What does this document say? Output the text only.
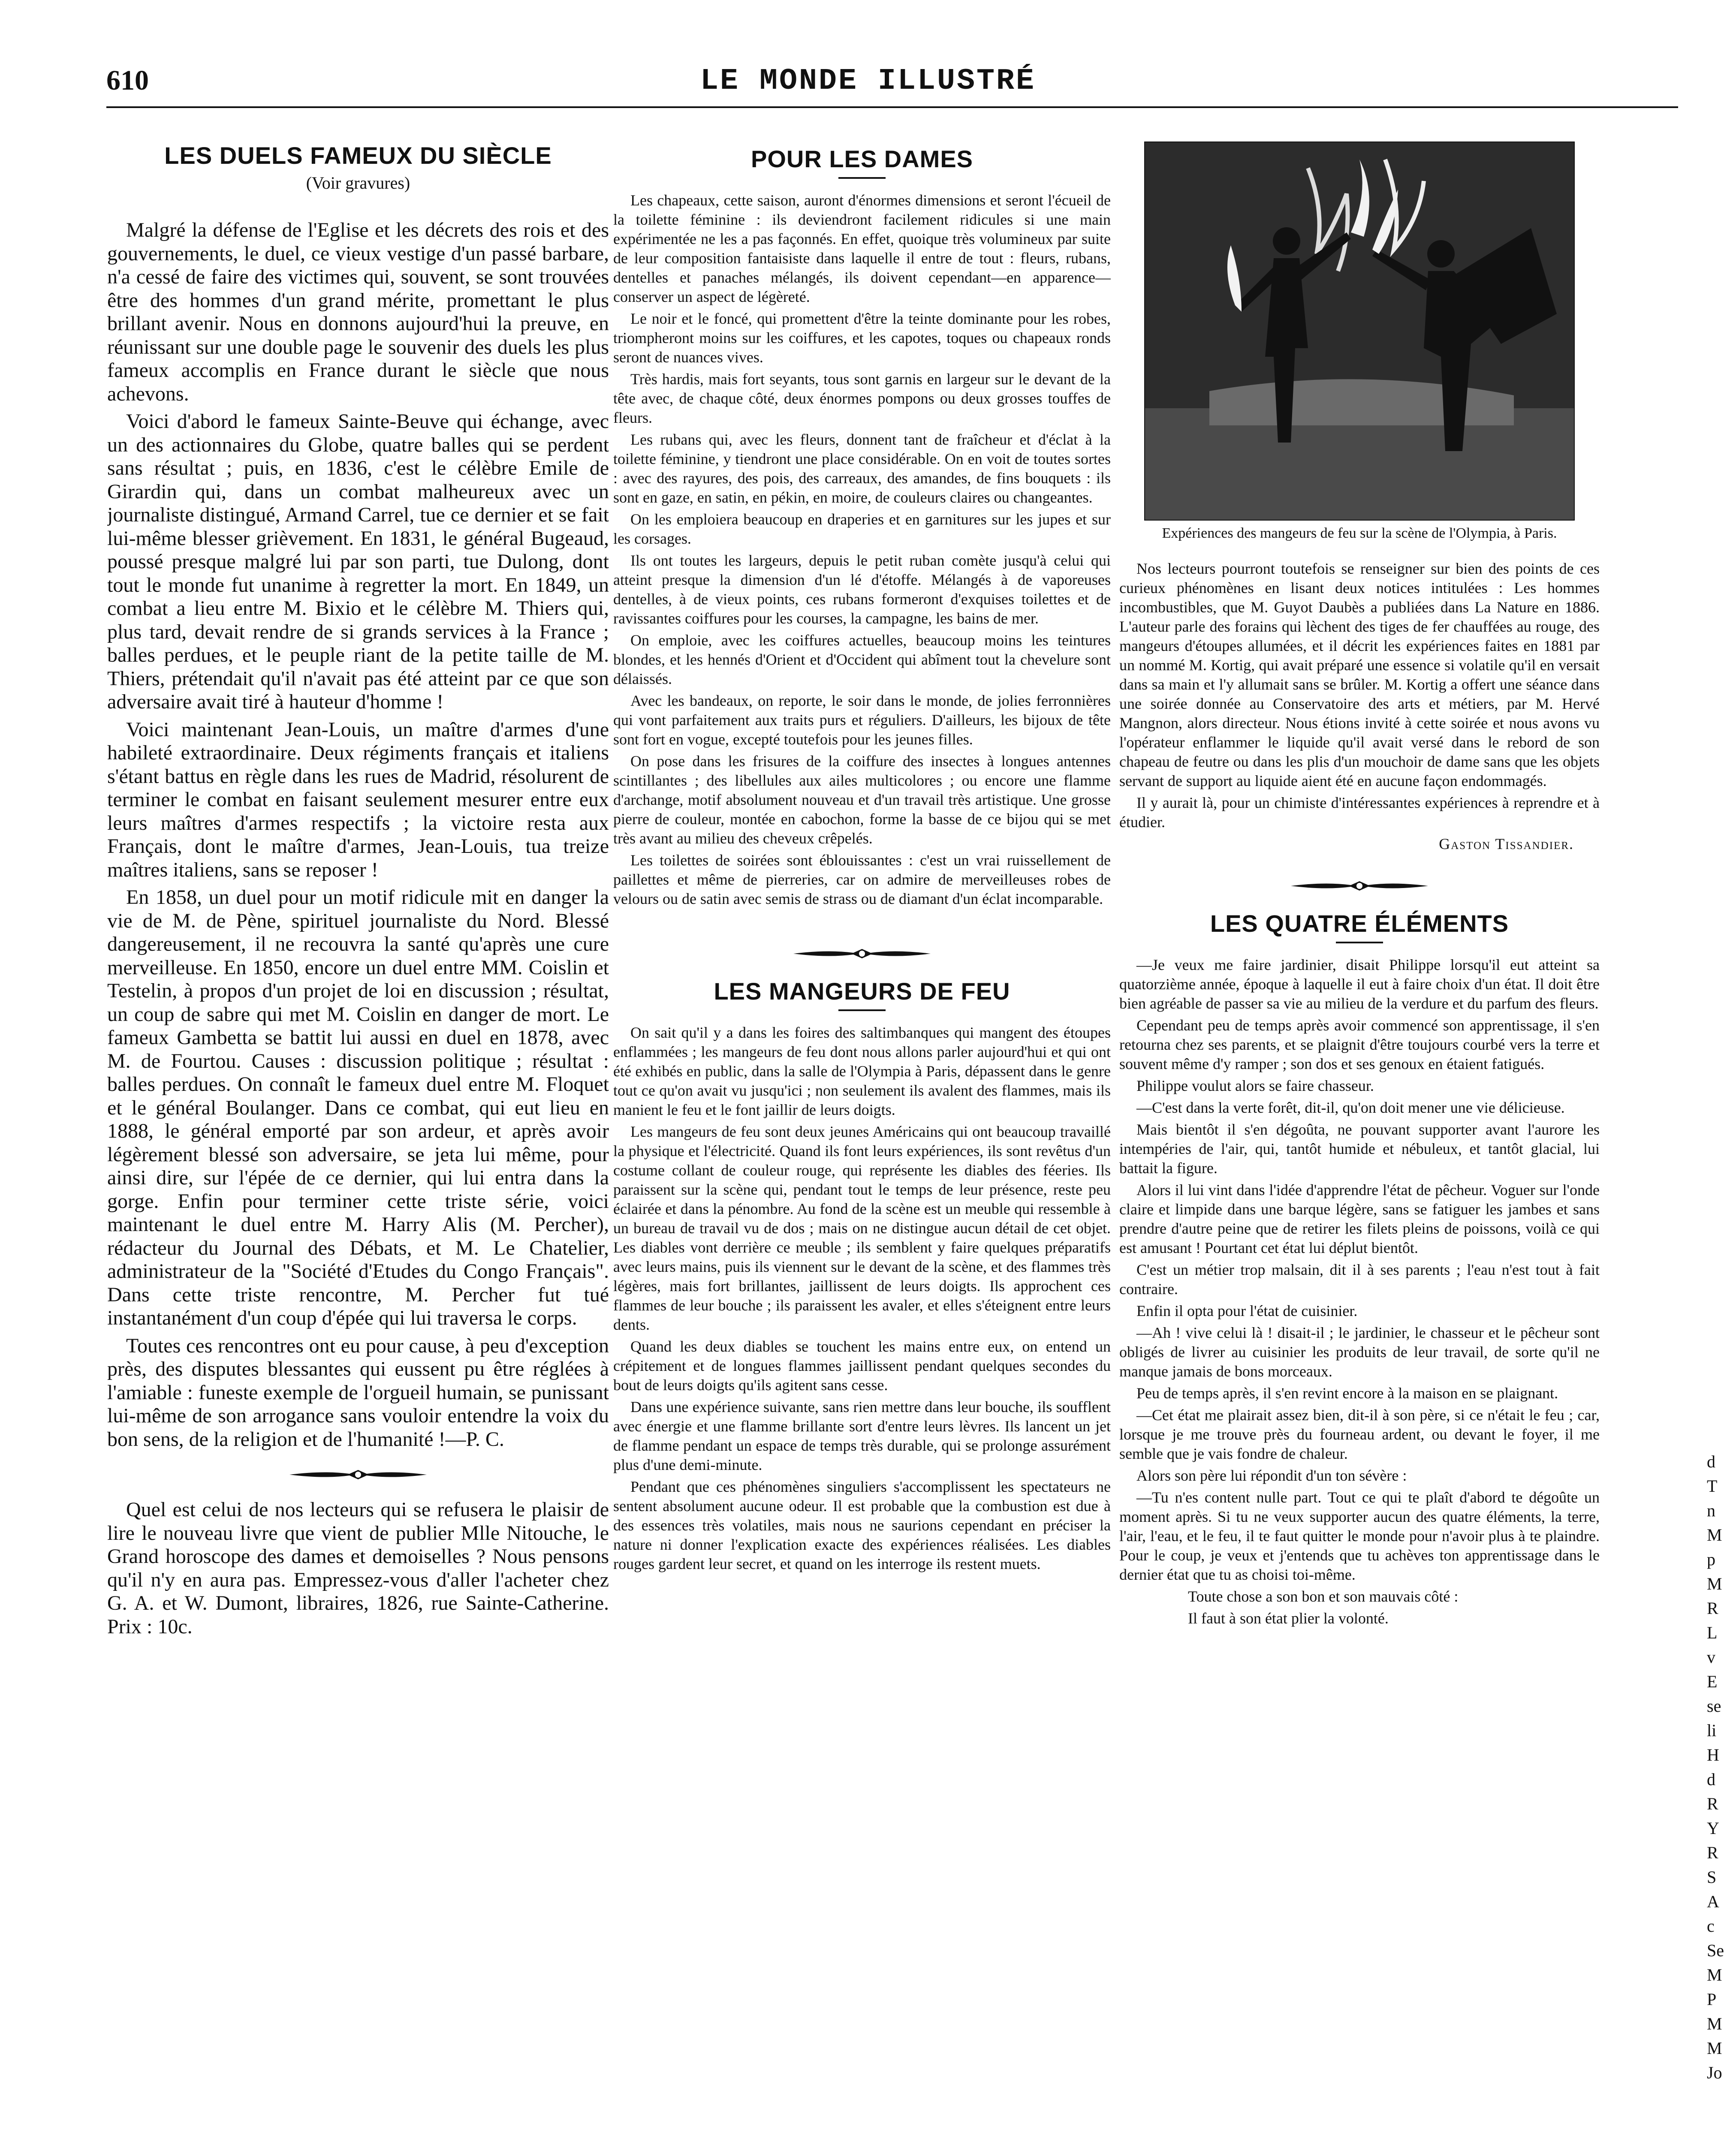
610	LE MONDE ILLUSTRÉ
LES DUELS FAMEUX DU SIÈCLE
(Voir gravures)

Malgré la défense de l'Eglise et les décrets des rois et des gouvernements, le duel, ce vieux vestige d'un passé barbare, n'a cessé de faire des victimes qui, souvent, se sont trouvées être des hommes d'un grand mérite, promettant le plus brillant avenir. Nous en donnons aujourd'hui la preuve, en réunissant sur une double page le souvenir des duels les plus fameux accomplis en France durant le siècle que nous achevons.

Voici d'abord le fameux Sainte-Beuve qui échange, avec un des actionnaires du Globe, quatre balles qui se perdent sans résultat ; puis, en 1836, c'est le célèbre Emile de Girardin qui, dans un combat malheureux avec un journaliste distingué, Armand Carrel, tue ce dernier et se fait lui-même blesser grièvement. En 1831, le général Bugeaud, poussé presque malgré lui par son parti, tue Dulong, dont tout le monde fut unanime à regretter la mort. En 1849, un combat a lieu entre M. Bixio et le célèbre M. Thiers qui, plus tard, devait rendre de si grands services à la France ; balles perdues, et le peuple riant de la petite taille de M. Thiers, prétendait qu'il n'avait pas été atteint par ce que son adversaire avait tiré à hauteur d'homme !

Voici maintenant Jean-Louis, un maître d'armes d'une habileté extraordinaire. Deux régiments français et italiens s'étant battus en règle dans les rues de Madrid, résolurent de terminer le combat en faisant seulement mesurer entre eux leurs maîtres d'armes respectifs ; la victoire resta aux Français, dont le maître d'armes, Jean-Louis, tua treize maîtres italiens, sans se reposer !

En 1858, un duel pour un motif ridicule mit en danger la vie de M. de Pène, spirituel journaliste du Nord. Blessé dangereusement, il ne recouvra la santé qu'après une cure merveilleuse. En 1850, encore un duel entre MM. Coislin et Testelin, à propos d'un projet de loi en discussion ; résultat, un coup de sabre qui met M. Coislin en danger de mort. Le fameux Gambetta se battit lui aussi en duel en 1878, avec M. de Fourtou. Causes : discussion politique ; résultat : balles perdues. On connaît le fameux duel entre M. Floquet et le général Boulanger. Dans ce combat, qui eut lieu en 1888, le général emporté par son ardeur, et après avoir légèrement blessé son adversaire, se jeta lui même, pour ainsi dire, sur l'épée de ce dernier, qui lui entra dans la gorge. Enfin pour terminer cette triste série, voici maintenant le duel entre M. Harry Alis (M. Percher), rédacteur du Journal des Débats, et M. Le Chatelier, administrateur de la "Société d'Etudes du Congo Français". Dans cette triste rencontre, M. Percher fut tué instantanément d'un coup d'épée qui lui traversa le corps.

Toutes ces rencontres ont eu pour cause, à peu d'exception près, des disputes blessantes qui eussent pu être réglées à l'amiable : funeste exemple de l'orgueil humain, se punissant lui-même de son arrogance sans vouloir entendre la voix du bon sens, de la religion et de l'humanité !—P. C.

Quel est celui de nos lecteurs qui se refusera le plaisir de lire le nouveau livre que vient de publier Mlle Nitouche, le Grand horoscope des dames et demoiselles ? Nous pensons qu'il n'y en aura pas. Empressez-vous d'aller l'acheter chez G. A. et W. Dumont, libraires, 1826, rue Sainte-Catherine. Prix : 10c.

POUR LES DAMES

Les chapeaux, cette saison, auront d'énormes dimensions et seront l'écueil de la toilette féminine : ils deviendront facilement ridicules si une main expérimentée ne les a pas façonnés. En effet, quoique très volumineux par suite de leur composition fantaisiste dans laquelle il entre de tout : fleurs, rubans, dentelles et panaches mélangés, ils doivent cependant—en apparence—conserver un aspect de légèreté.

Le noir et le foncé, qui promettent d'être la teinte dominante pour les robes, triompheront moins sur les coiffures, et les capotes, toques ou chapeaux ronds seront de nuances vives.

Très hardis, mais fort seyants, tous sont garnis en largeur sur le devant de la tête avec, de chaque côté, deux énormes pompons ou deux grosses touffes de fleurs.

Les rubans qui, avec les fleurs, donnent tant de fraîcheur et d'éclat à la toilette féminine, y tiendront une place considérable. On en voit de toutes sortes : avec des rayures, des pois, des carreaux, des amandes, de fins bouquets : ils sont en gaze, en satin, en pékin, en moire, de couleurs claires ou changeantes.

On les emploiera beaucoup en draperies et en garnitures sur les jupes et sur les corsages.

Ils ont toutes les largeurs, depuis le petit ruban comète jusqu'à celui qui atteint presque la dimension d'un lé d'étoffe. Mélangés à de vaporeuses dentelles, à de vieux points, ces rubans formeront d'exquises toilettes et de ravissantes coiffures pour les courses, la campagne, les bains de mer.

On emploie, avec les coiffures actuelles, beaucoup moins les teintures blondes, et les hennés d'Orient et d'Occident qui abîment tout la chevelure sont délaissés.

Avec les bandeaux, on reporte, le soir dans le monde, de jolies ferronnières qui vont parfaitement aux traits purs et réguliers. D'ailleurs, les bijoux de tête sont fort en vogue, excepté toutefois pour les jeunes filles.

On pose dans les frisures de la coiffure des insectes à longues antennes scintillantes ; des libellules aux ailes multicolores ; ou encore une flamme d'archange, motif absolument nouveau et d'un travail très artistique. Une grosse pierre de couleur, montée en cabochon, forme la basse de ce bijou qui se met très avant au milieu des cheveux crêpelés.

Les toilettes de soirées sont éblouissantes : c'est un vrai ruissellement de paillettes et même de pierreries, car on admire de merveilleuses robes de velours ou de satin avec semis de strass ou de diamant d'un éclat incomparable.

LES MANGEURS DE FEU

On sait qu'il y a dans les foires des saltimbanques qui mangent des étoupes enflammées ; les mangeurs de feu dont nous allons parler aujourd'hui et qui ont été exhibés en public, dans la salle de l'Olympia à Paris, dépassent dans le genre tout ce qu'on avait vu jusqu'ici ; non seulement ils avalent des flammes, mais ils manient le feu et le font jaillir de leurs doigts.

Les mangeurs de feu sont deux jeunes Américains qui ont beaucoup travaillé la physique et l'électricité. Quand ils font leurs expériences, ils sont revêtus d'un costume collant de couleur rouge, qui représente les diables des féeries. Ils paraissent sur la scène qui, pendant tout le temps de leur présence, reste peu éclairée et dans la pénombre. Au fond de la scène est un meuble qui ressemble à un bureau de travail vu de dos ; mais on ne distingue aucun détail de cet objet. Les diables vont derrière ce meuble ; ils semblent y faire quelques préparatifs avec leurs mains, puis ils viennent sur le devant de la scène, et des flammes très légères, mais fort brillantes, jaillissent de leurs doigts. Ils approchent ces flammes de leur bouche ; ils paraissent les avaler, et elles s'éteignent entre leurs dents.

Quand les deux diables se touchent les mains entre eux, on entend un crépitement et de longues flammes jaillissent pendant quelques secondes du bout de leurs doigts qu'ils agitent sans cesse.

Dans une expérience suivante, sans rien mettre dans leur bouche, ils soufflent avec énergie et une flamme brillante sort d'entre leurs lèvres. Ils lancent un jet de flamme pendant un espace de temps très durable, qui se prolonge assurément plus d'une demi-minute.

Pendant que ces phénomènes singuliers s'accomplissent les spectateurs ne sentent absolument aucune odeur. Il est probable que la combustion est due à des essences très volatiles, mais nous ne saurions cependant en préciser la nature ni donner l'explication exacte des expériences réalisées. Les diables rouges gardent leur secret, et quand on les interroge ils restent muets.

Expériences des mangeurs de feu sur la scène de l'Olympia, à Paris.

Nos lecteurs pourront toutefois se renseigner sur bien des points de ces curieux phénomènes en lisant deux notices intitulées : Les hommes incombustibles, que M. Guyot Daubès a publiées dans La Nature en 1886. L'auteur parle des forains qui lèchent des tiges de fer chauffées au rouge, des mangeurs d'étoupes allumées, et il décrit les expériences faites en 1881 par un nommé M. Kortig, qui avait préparé une essence si volatile qu'il en versait dans sa main et l'y allumait sans se brûler. M. Kortig a offert une séance dans une soirée donnée au Conservatoire des arts et métiers, par M. Hervé Mangnon, alors directeur. Nous étions invité à cette soirée et nous avons vu l'opérateur enflammer le liquide qu'il avait versé dans le rebord de son chapeau de feutre ou dans les plis d'un mouchoir de dame sans que les objets servant de support au liquide aient été en aucune façon endommagés.

Il y aurait là, pour un chimiste d'intéressantes expériences à reprendre et à étudier.

Gaston Tissandier.

LES QUATRE ÉLÉMENTS

—Je veux me faire jardinier, disait Philippe lorsqu'il eut atteint sa quatorzième année, époque à laquelle il eut à faire choix d'un état. Il doit être bien agréable de passer sa vie au milieu de la verdure et du parfum des fleurs.

Cependant peu de temps après avoir commencé son apprentissage, il s'en retourna chez ses parents, et se plaignit d'être toujours courbé vers la terre et souvent même d'y ramper ; son dos et ses genoux en étaient fatigués.

Philippe voulut alors se faire chasseur.

—C'est dans la verte forêt, dit-il, qu'on doit mener une vie délicieuse.

Mais bientôt il s'en dégoûta, ne pouvant supporter avant l'aurore les intempéries de l'air, qui, tantôt humide et nébuleux, et tantôt glacial, lui battait la figure.

Alors il lui vint dans l'idée d'apprendre l'état de pêcheur. Voguer sur l'onde claire et limpide dans une barque légère, sans se fatiguer les jambes et sans prendre d'autre peine que de retirer les filets pleins de poissons, voilà ce qui est amusant ! Pourtant cet état lui déplut bientôt.

C'est un métier trop malsain, dit il à ses parents ; l'eau n'est tout à fait contraire.

Enfin il opta pour l'état de cuisinier.

—Ah ! vive celui là ! disait-il ; le jardinier, le chasseur et le pêcheur sont obligés de livrer au cuisinier les produits de leur travail, de sorte qu'il ne manque jamais de bons morceaux.

Peu de temps après, il s'en revint encore à la maison en se plaignant.

—Cet état me plairait assez bien, dit-il à son père, si ce n'était le feu ; car, lorsque je me trouve près du fourneau ardent, ou devant le foyer, il me semble que je vais fondre de chaleur.

Alors son père lui répondit d'un ton sévère :

—Tu n'es content nulle part. Tout ce qui te plaît d'abord te dégoûte un moment après. Si tu ne veux supporter aucun des quatre éléments, la terre, l'air, l'eau, et le feu, il te faut quitter le monde pour n'avoir plus à te plaindre. Pour le coup, je veux et j'entends que tu achèves ton apprentissage dans le dernier état que tu as choisi toi-même.

Toute chose a son bon et son mauvais côté :

Il faut à son état plier la volonté.

d
T
n
M
p
M
R
L
v
E
se
li
H
d
R
Y
R
S
A
c
Se
M
P
M
M
Jo
